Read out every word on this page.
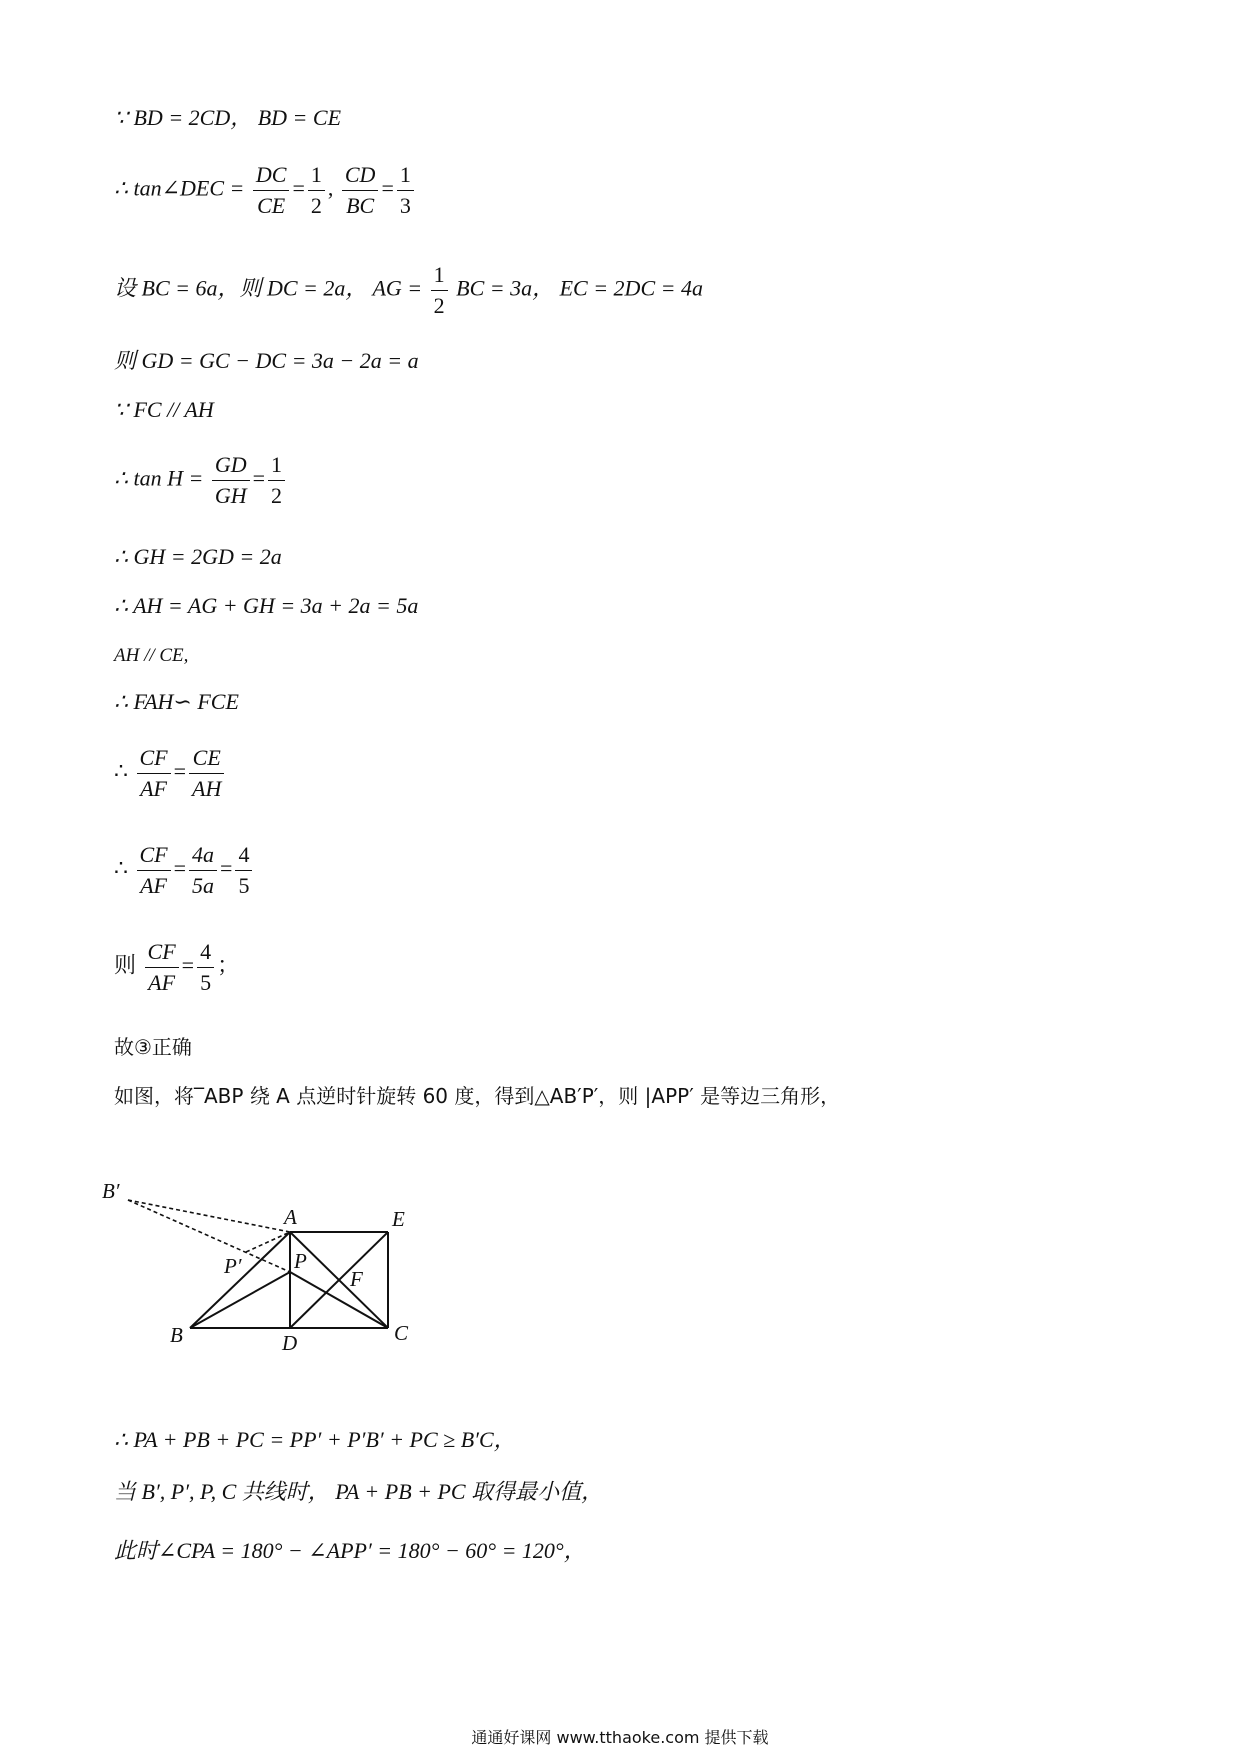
∵ BD = 2CD， BD = CE
∴ tan∠DEC = $\frac{DC}{CE} = \frac{1}{2}$ , $\frac{CD}{BC} = \frac{1}{3}$
设 BC = 6a，则 DC = 2a， AG = $\frac{1}{2}$ BC = 3a， EC = 2DC = 4a
则 GD = GC − DC = 3a − 2a = a
∵ FC // AH
∴ $\tan H = \frac{GD}{GH} = \frac{1}{2}$
∴ GH = 2GD = 2a
∴ AH = AG + GH = 3a + 2a = 5a
AH // CE,
∴ FAH∽ FCE
∴ $\frac{CF}{AF} = \frac{CE}{AH}$
∴ $\frac{CF}{AF} = \frac{4a}{5a} = \frac{4}{5}$
则 $\frac{CF}{AF} = \frac{4}{5}$ ；
故③正确
如图，将‾ABP 绕 A 点逆时针旋转 60 度，得到△AB′P′，则 |APP′ 是等边三角形，
B′
A	E
P′	P
F
B	D	C
∴ PA + PB + PC = PP′ + P′B′ + PC ≥ B′C，
当 B′, P′, P, C 共线时， PA + PB + PC 取得最小值，
此时∠CPA = 180° − ∠APP′ = 180° − 60° = 120°，
通通好课网 www.tthaoke.com 提供下载
